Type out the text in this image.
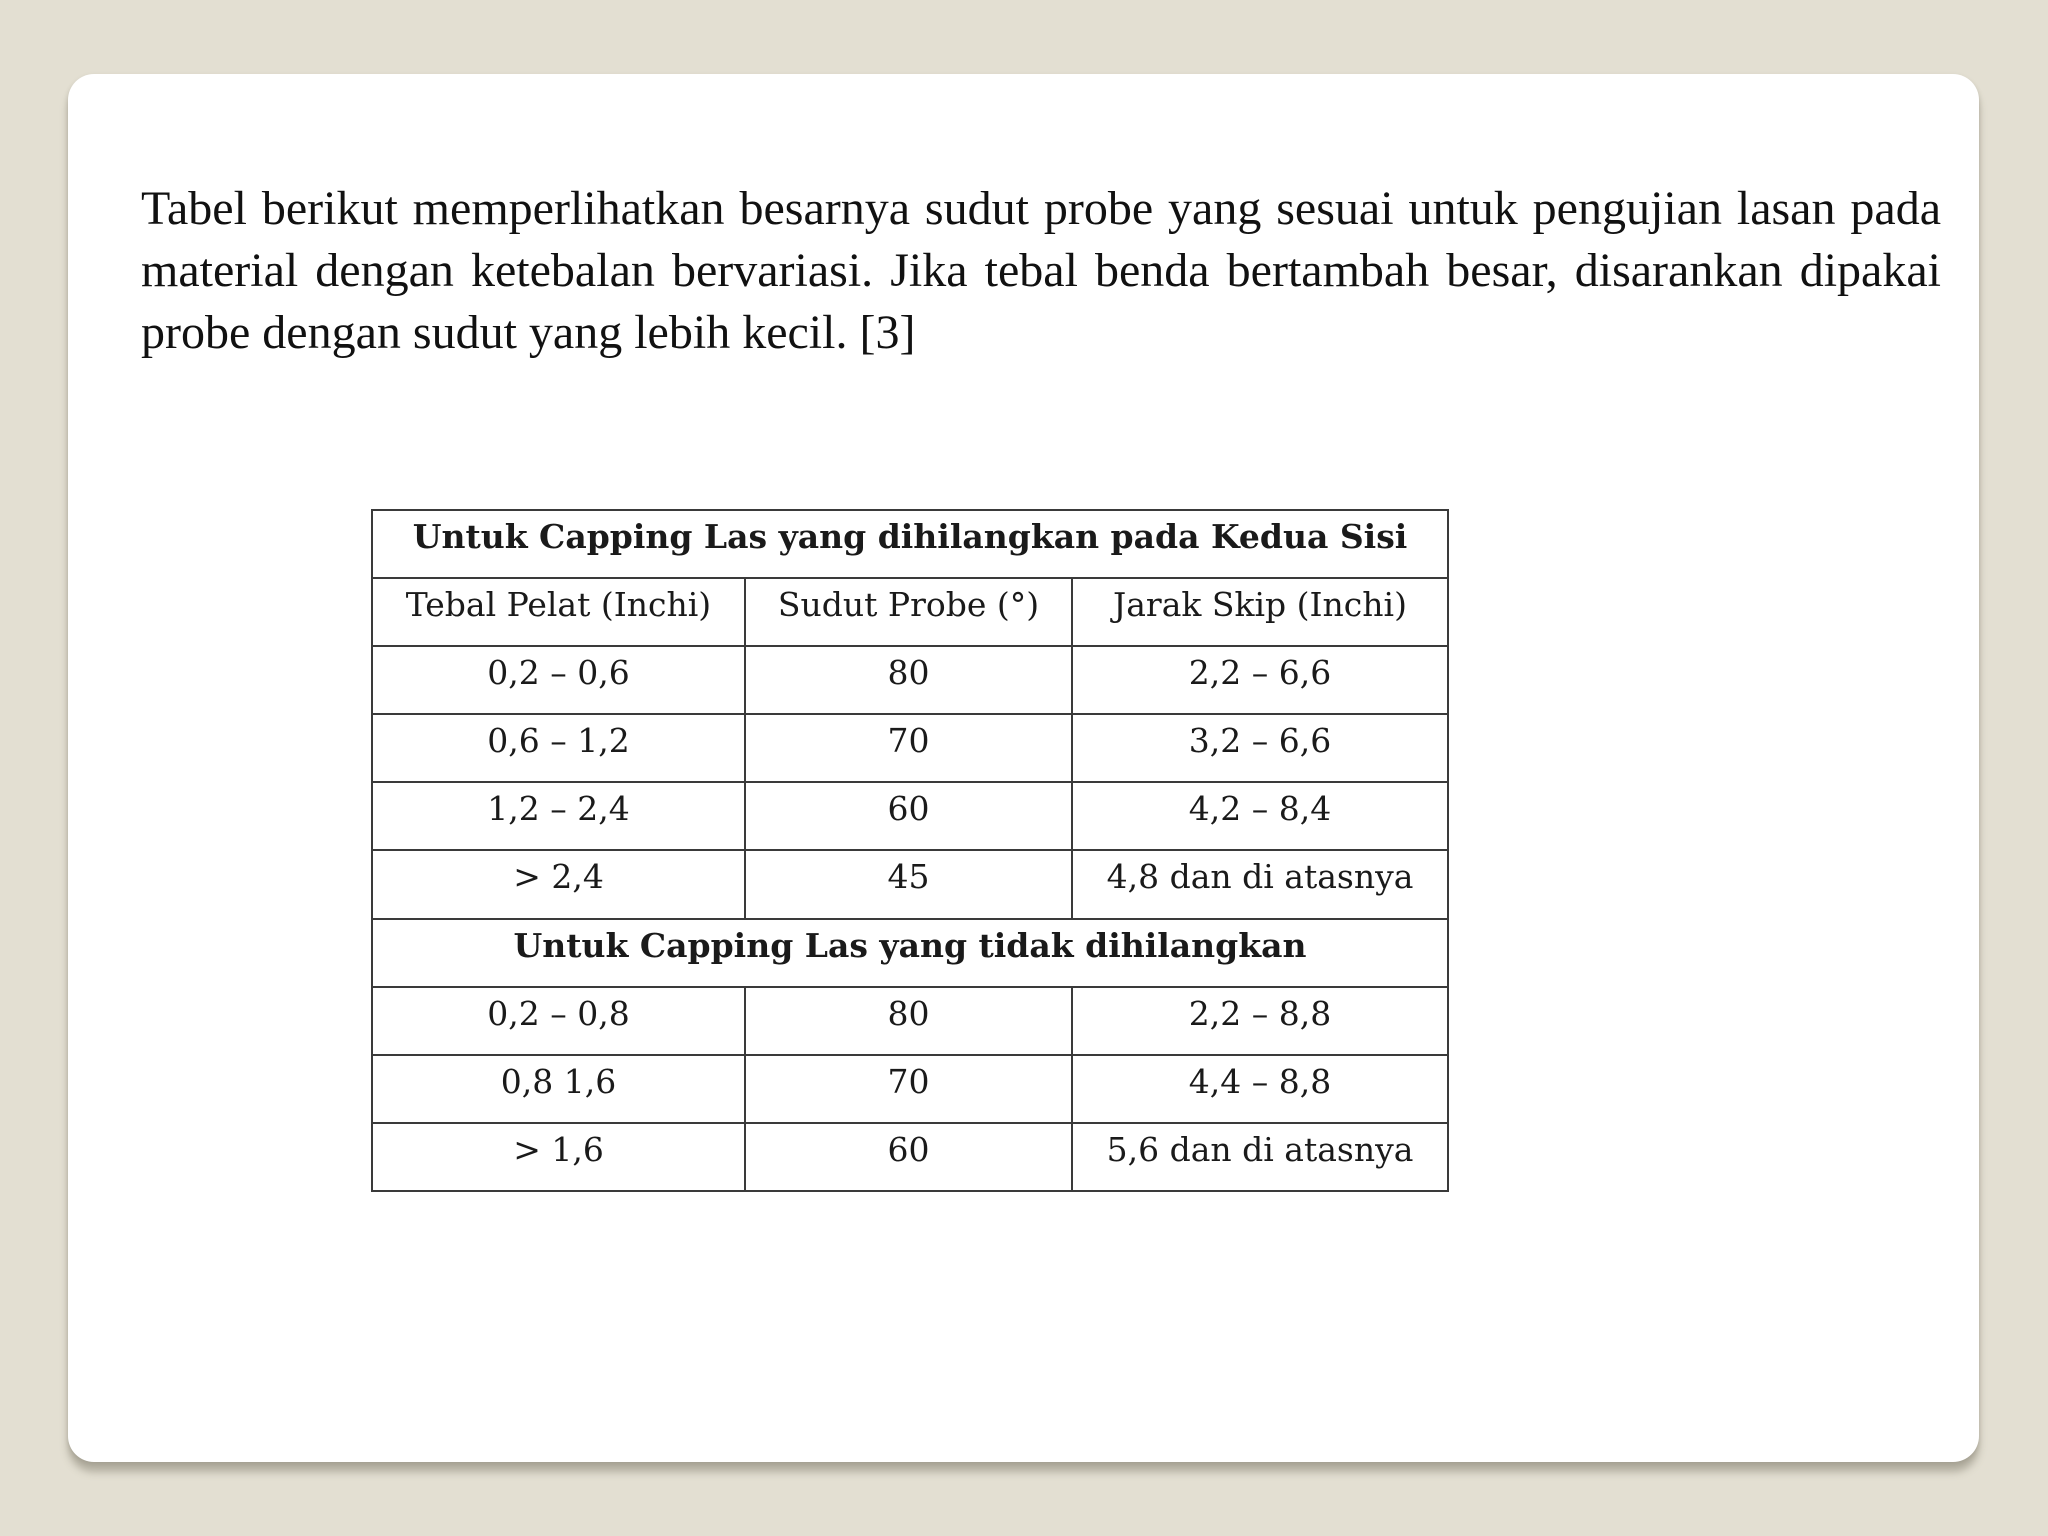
Tabel berikut memperlihatkan besarnya sudut probe yang sesuai untuk pengujian lasan pada material dengan ketebalan bervariasi. Jika tebal benda bertambah besar, disarankan dipakai probe dengan sudut yang lebih kecil. [3]

Untuk Capping Las yang dihilangkan pada Kedua Sisi		
Tebal Pelat (Inchi)	Sudut Probe (°)	Jarak Skip (Inchi)
0,2 – 0,6	80	2,2 – 6,6
0,6 – 1,2	70	3,2 – 6,6
1,2 – 2,4	60	4,2 – 8,4
> 2,4	45	4,8 dan di atasnya
Untuk Capping Las yang tidak dihilangkan		
0,2 – 0,8	80	2,2 – 8,8
0,8 1,6	70	4,4 – 8,8
> 1,6	60	5,6 dan di atasnya
